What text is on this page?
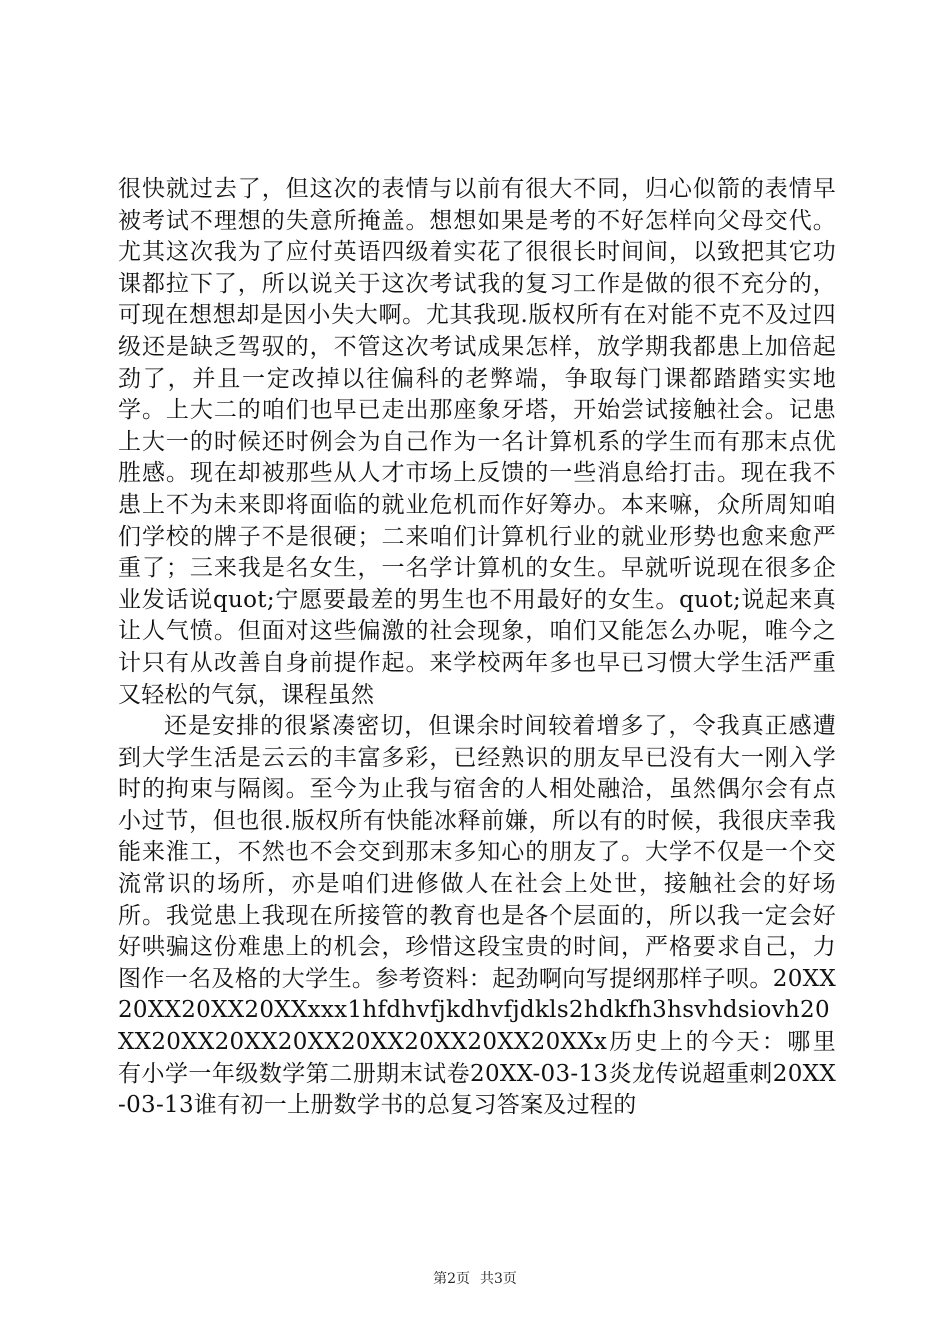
很快就过去了，但这次的表情与以前有很大不同，归心似箭的表情早被考试不理想的失意所掩盖。想想如果是考的不好怎样向父母交代。尤其这次我为了应付英语四级着实花了很很长时间间，以致把其它功课都拉下了，所以说关于这次考试我的复习工作是做的很不充分的，可现在想想却是因小失大啊。尤其我现.版权所有在对能不克不及过四级还是缺乏驾驭的，不管这次考试成果怎样，放学期我都患上加倍起劲了，并且一定改掉以往偏科的老弊端，争取每门课都踏踏实实地学。上大二的咱们也早已走出那座象牙塔，开始尝试接触社会。记患上大一的时候还时例会为自己作为一名计算机系的学生而有那末点优胜感。现在却被那些从人才市场上反馈的一些消息给打击。现在我不患上不为未来即将面临的就业危机而作好筹办。本来嘛，众所周知咱们学校的牌子不是很硬；二来咱们计算机行业的就业形势也愈来愈严重了；三来我是名女生，一名学计算机的女生。早就听说现在很多企业发话说quot;宁愿要最差的男生也不用最好的女生。quot;说起来真让人气愤。但面对这些偏激的社会现象，咱们又能怎么办呢，唯今之计只有从改善自身前提作起。来学校两年多也早已习惯大学生活严重又轻松的气氛，课程虽然

还是安排的很紧凑密切，但课余时间较着增多了，令我真正感遭到大学生活是云云的丰富多彩，已经熟识的朋友早已没有大一刚入学时的拘束与隔阂。至今为止我与宿舍的人相处融洽，虽然偶尔会有点小过节，但也很.版权所有快能冰释前嫌，所以有的时候，我很庆幸我能来淮工，不然也不会交到那末多知心的朋友了。大学不仅是一个交流常识的场所，亦是咱们进修做人在社会上处世，接触社会的好场所。我觉患上我现在所接管的教育也是各个层面的，所以我一定会好好哄骗这份难患上的机会，珍惜这段宝贵的时间，严格要求自己，力图作一名及格的大学生。参考资料：起劲啊向写提纲那样子呗。20XX20XX20XX20XXxxx1hfdhvfjkdhvfjdkls2hdkfh3hsvhdsiovh20XX20XX20XX20XX20XX20XX20XX20XXx历史上的今天：哪里有小学一年级数学第二册期末试卷20XX-03-13炎龙传说超重刺20XX-03-13谁有初一上册数学书的总复习答案及过程的

第2页 共3页
